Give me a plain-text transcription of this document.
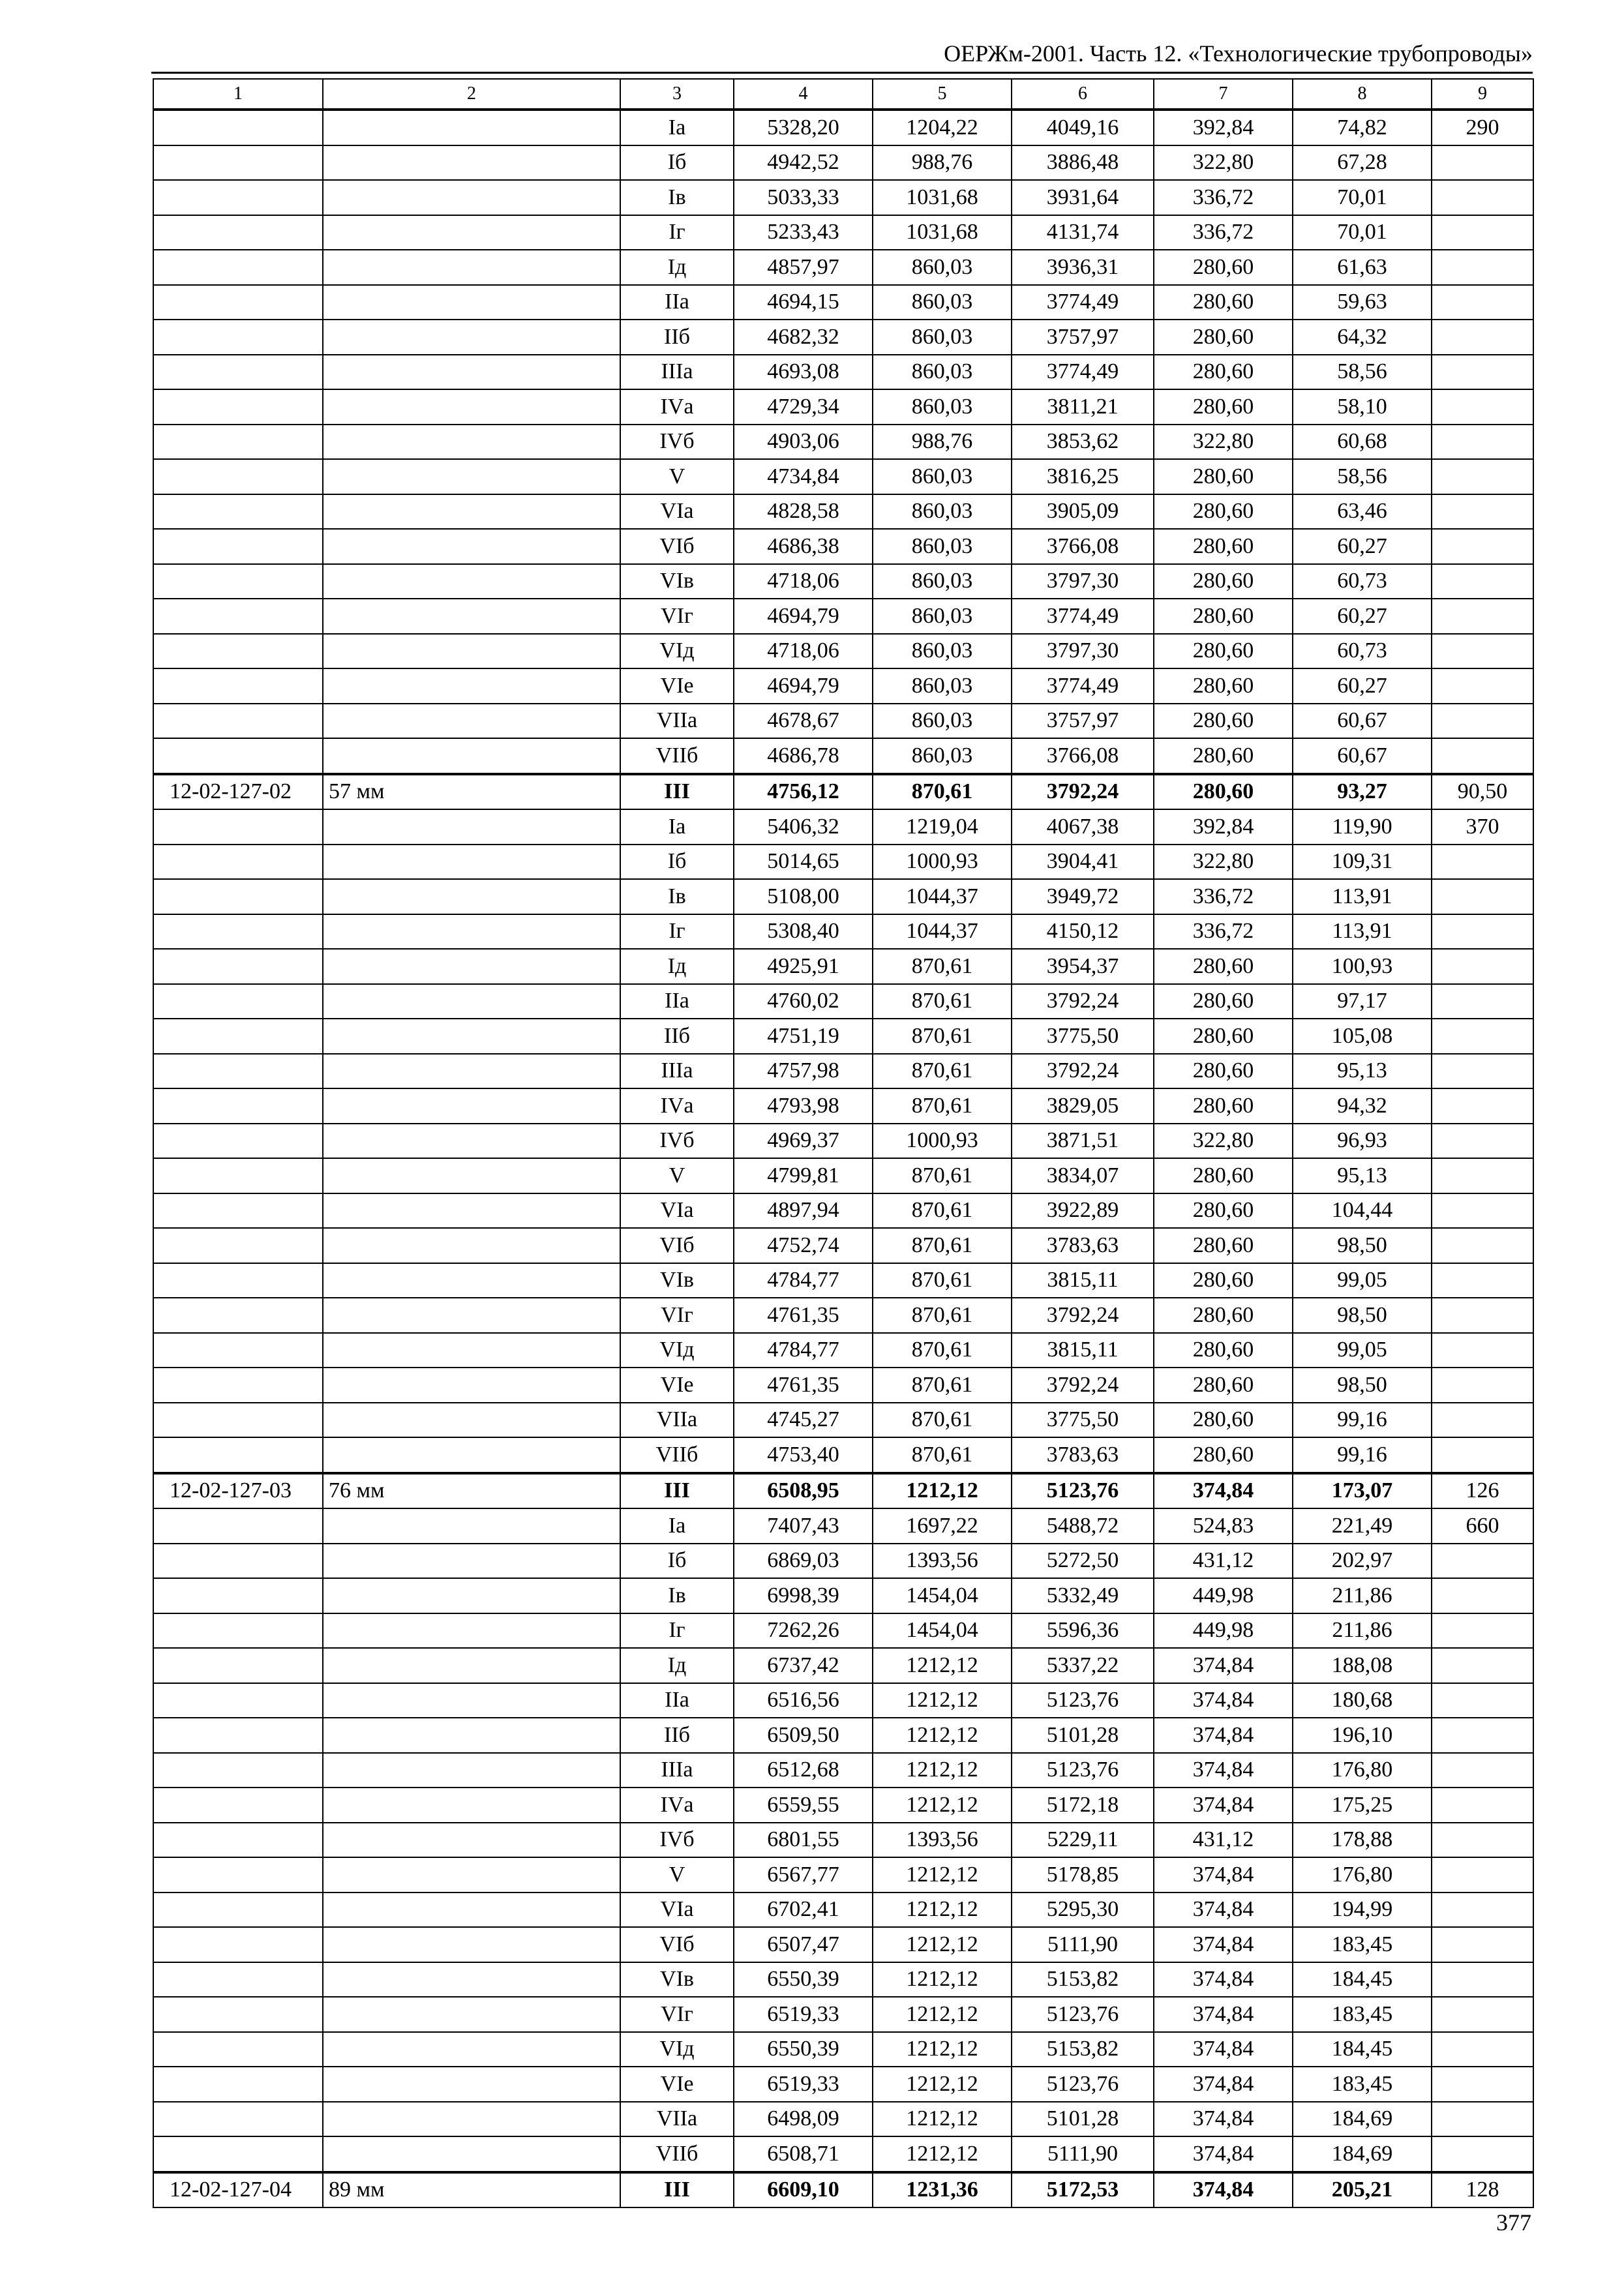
ОЕРЖм-2001. Часть 12. «Технологические трубопроводы»
1	2	3	4	5	6	7	8	9
		Iа	5328,20	1204,22	4049,16	392,84	74,82	290
		Iб	4942,52	988,76	3886,48	322,80	67,28	
		Iв	5033,33	1031,68	3931,64	336,72	70,01	
		Iг	5233,43	1031,68	4131,74	336,72	70,01	
		Iд	4857,97	860,03	3936,31	280,60	61,63	
		IIа	4694,15	860,03	3774,49	280,60	59,63	
		IIб	4682,32	860,03	3757,97	280,60	64,32	
		IIIа	4693,08	860,03	3774,49	280,60	58,56	
		IVа	4729,34	860,03	3811,21	280,60	58,10	
		IVб	4903,06	988,76	3853,62	322,80	60,68	
		V	4734,84	860,03	3816,25	280,60	58,56	
		VIа	4828,58	860,03	3905,09	280,60	63,46	
		VIб	4686,38	860,03	3766,08	280,60	60,27	
		VIв	4718,06	860,03	3797,30	280,60	60,73	
		VIг	4694,79	860,03	3774,49	280,60	60,27	
		VIд	4718,06	860,03	3797,30	280,60	60,73	
		VIе	4694,79	860,03	3774,49	280,60	60,27	
		VIIа	4678,67	860,03	3757,97	280,60	60,67	
		VIIб	4686,78	860,03	3766,08	280,60	60,67	
12-02-127-02	57 мм	III	4756,12	870,61	3792,24	280,60	93,27	90,50
		Iа	5406,32	1219,04	4067,38	392,84	119,90	370
		Iб	5014,65	1000,93	3904,41	322,80	109,31	
		Iв	5108,00	1044,37	3949,72	336,72	113,91	
		Iг	5308,40	1044,37	4150,12	336,72	113,91	
		Iд	4925,91	870,61	3954,37	280,60	100,93	
		IIа	4760,02	870,61	3792,24	280,60	97,17	
		IIб	4751,19	870,61	3775,50	280,60	105,08	
		IIIа	4757,98	870,61	3792,24	280,60	95,13	
		IVа	4793,98	870,61	3829,05	280,60	94,32	
		IVб	4969,37	1000,93	3871,51	322,80	96,93	
		V	4799,81	870,61	3834,07	280,60	95,13	
		VIа	4897,94	870,61	3922,89	280,60	104,44	
		VIб	4752,74	870,61	3783,63	280,60	98,50	
		VIв	4784,77	870,61	3815,11	280,60	99,05	
		VIг	4761,35	870,61	3792,24	280,60	98,50	
		VIд	4784,77	870,61	3815,11	280,60	99,05	
		VIе	4761,35	870,61	3792,24	280,60	98,50	
		VIIа	4745,27	870,61	3775,50	280,60	99,16	
		VIIб	4753,40	870,61	3783,63	280,60	99,16	
12-02-127-03	76 мм	III	6508,95	1212,12	5123,76	374,84	173,07	126
		Iа	7407,43	1697,22	5488,72	524,83	221,49	660
		Iб	6869,03	1393,56	5272,50	431,12	202,97	
		Iв	6998,39	1454,04	5332,49	449,98	211,86	
		Iг	7262,26	1454,04	5596,36	449,98	211,86	
		Iд	6737,42	1212,12	5337,22	374,84	188,08	
		IIа	6516,56	1212,12	5123,76	374,84	180,68	
		IIб	6509,50	1212,12	5101,28	374,84	196,10	
		IIIа	6512,68	1212,12	5123,76	374,84	176,80	
		IVа	6559,55	1212,12	5172,18	374,84	175,25	
		IVб	6801,55	1393,56	5229,11	431,12	178,88	
		V	6567,77	1212,12	5178,85	374,84	176,80	
		VIа	6702,41	1212,12	5295,30	374,84	194,99	
		VIб	6507,47	1212,12	5111,90	374,84	183,45	
		VIв	6550,39	1212,12	5153,82	374,84	184,45	
		VIг	6519,33	1212,12	5123,76	374,84	183,45	
		VIд	6550,39	1212,12	5153,82	374,84	184,45	
		VIе	6519,33	1212,12	5123,76	374,84	183,45	
		VIIа	6498,09	1212,12	5101,28	374,84	184,69	
		VIIб	6508,71	1212,12	5111,90	374,84	184,69	
12-02-127-04	89 мм	III	6609,10	1231,36	5172,53	374,84	205,21	128
377
